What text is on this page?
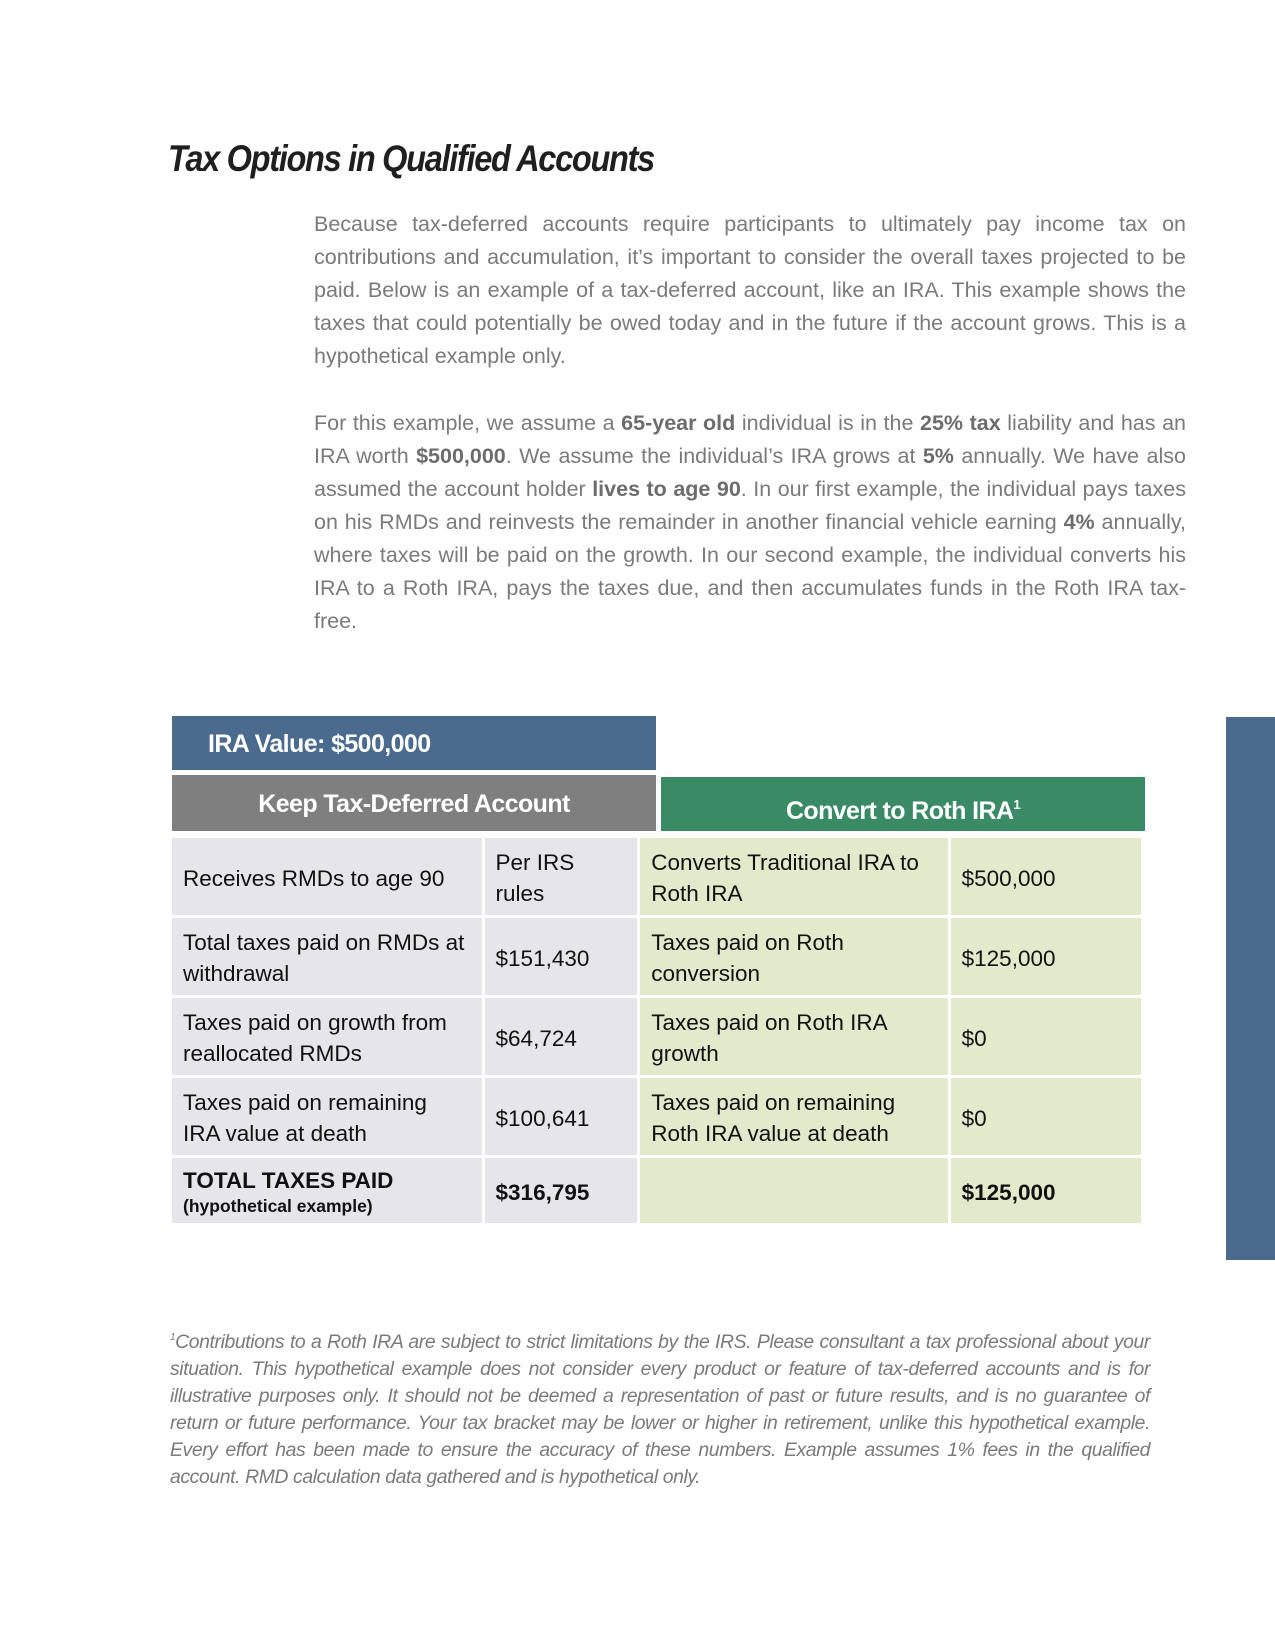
Tax Options in Qualified Accounts

Because tax-deferred accounts require participants to ultimately pay income tax on contributions and accumulation, it’s important to consider the overall taxes projected to be paid. Below is an example of a tax-deferred account, like an IRA. This example shows the taxes that could potentially be owed today and in the future if the account grows. This is a hypothetical example only.

For this example, we assume a 65-year old individual is in the 25% tax liability and has an IRA worth $500,000. We assume the individual’s IRA grows at 5% annually. We have also assumed the account holder lives to age 90. In our first example, the individual pays taxes on his RMDs and reinvests the remainder in another financial vehicle earning 4% annually, where taxes will be paid on the growth. In our second example, the individual converts his IRA to a Roth IRA, pays the taxes due, and then accumulates funds in the Roth IRA tax-free.

IRA Value: $500,000
Keep Tax-Deferred Account	Convert to Roth IRA$^1$
Receives RMDs to age 90	Per IRS rules	Converts Traditional IRA to Roth IRA	$500,000
Total taxes paid on RMDs at withdrawal	$151,430	Taxes paid on Roth conversion	$125,000
Taxes paid on growth from reallocated RMDs	$64,724	Taxes paid on Roth IRA growth	$0
Taxes paid on remaining IRA value at death	$100,641	Taxes paid on remaining Roth IRA value at death	$0

TOTAL TAXES PAID
(hypothetical example)	$316,795		$125,000

$^1$Contributions to a Roth IRA are subject to strict limitations by the IRS. Please consultant a tax professional about your situation. This hypothetical example does not consider every product or feature of tax-deferred accounts and is for illustrative purposes only. It should not be deemed a representation of past or future results, and is no guarantee of return or future performance. Your tax bracket may be lower or higher in retirement, unlike this hypothetical example. Every effort has been made to ensure the accuracy of these numbers. Example assumes 1% fees in the qualified account. RMD calculation data gathered and is hypothetical only.
